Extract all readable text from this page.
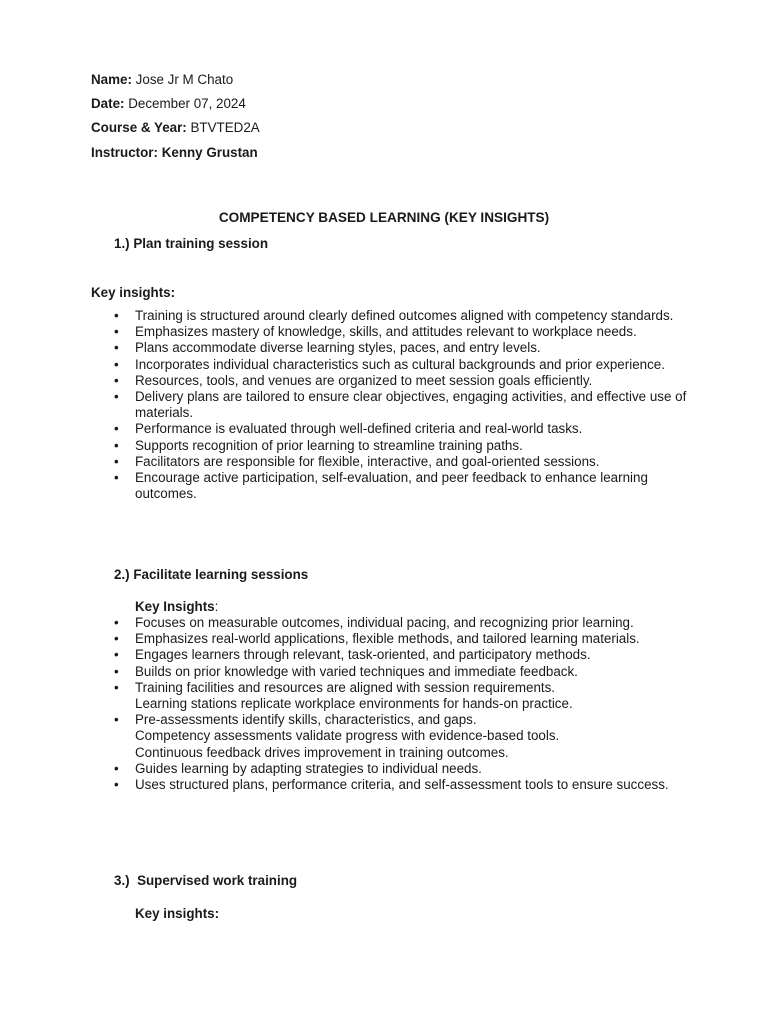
Name: Jose Jr M Chato
Date: December 07, 2024
Course & Year: BTVTED2A
Instructor: Kenny Grustan
COMPETENCY BASED LEARNING (KEY INSIGHTS)
1.) Plan training session
Key insights:
• Training is structured around clearly defined outcomes aligned with competency standards.
• Emphasizes mastery of knowledge, skills, and attitudes relevant to workplace needs.
• Plans accommodate diverse learning styles, paces, and entry levels.
• Incorporates individual characteristics such as cultural backgrounds and prior experience.
• Resources, tools, and venues are organized to meet session goals efficiently.
• Delivery plans are tailored to ensure clear objectives, engaging activities, and effective use of materials.
• Performance is evaluated through well-defined criteria and real-world tasks.
• Supports recognition of prior learning to streamline training paths.
• Facilitators are responsible for flexible, interactive, and goal-oriented sessions.
• Encourage active participation, self-evaluation, and peer feedback to enhance learning outcomes.
2.) Facilitate learning sessions
Key Insights:
• Focuses on measurable outcomes, individual pacing, and recognizing prior learning.
• Emphasizes real-world applications, flexible methods, and tailored learning materials.
• Engages learners through relevant, task-oriented, and participatory methods.
• Builds on prior knowledge with varied techniques and immediate feedback.
• Training facilities and resources are aligned with session requirements.
Learning stations replicate workplace environments for hands-on practice.
• Pre-assessments identify skills, characteristics, and gaps.
Competency assessments validate progress with evidence-based tools.
Continuous feedback drives improvement in training outcomes.
• Guides learning by adapting strategies to individual needs.
• Uses structured plans, performance criteria, and self-assessment tools to ensure success.
3.)  Supervised work training
Key insights:
